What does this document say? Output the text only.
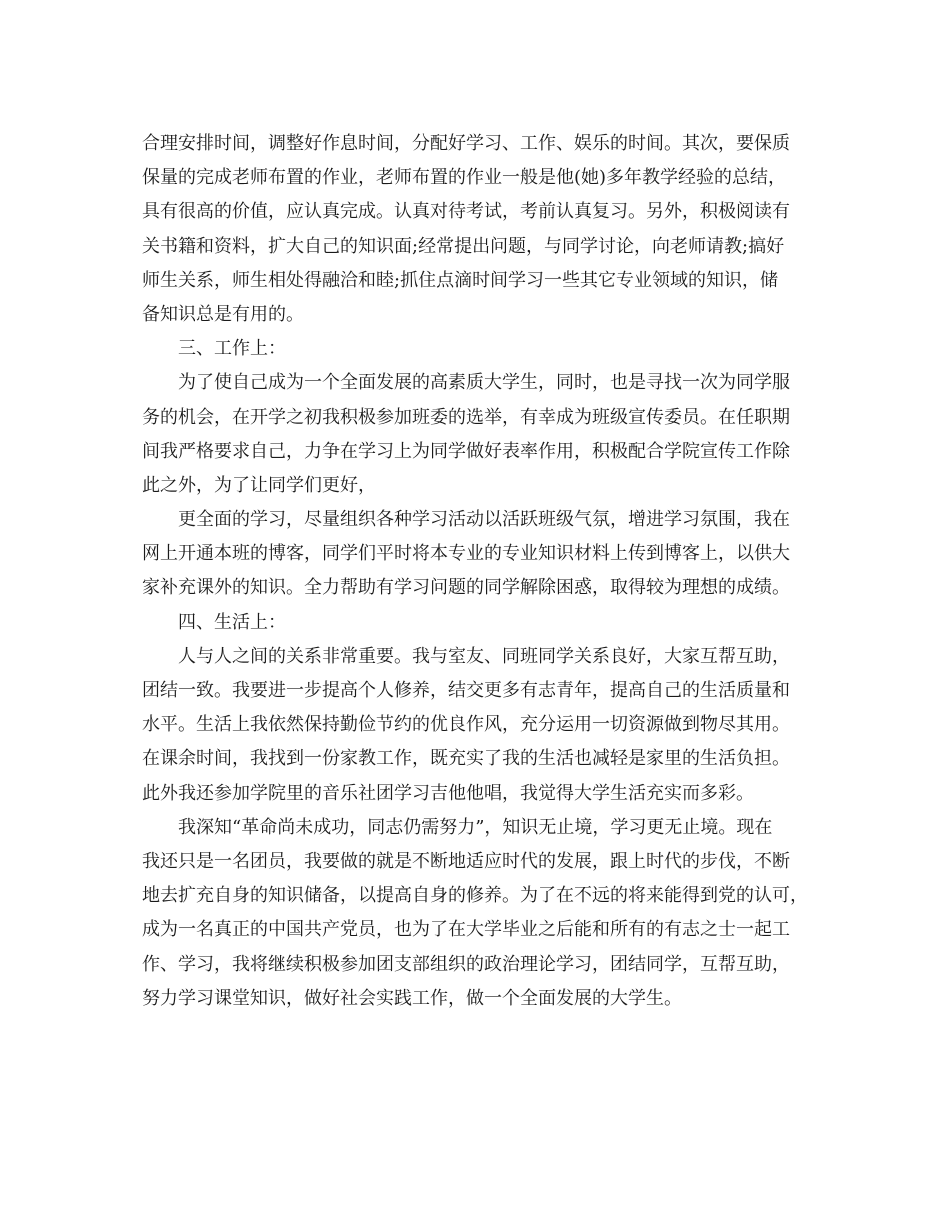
合理安排时间，调整好作息时间，分配好学习、工作、娱乐的时间。其次，要保质
保量的完成老师布置的作业，老师布置的作业一般是他(她)多年教学经验的总结，
具有很高的价值，应认真完成。认真对待考试，考前认真复习。另外，积极阅读有
关书籍和资料，扩大自己的知识面;经常提出问题，与同学讨论，向老师请教;搞好
师生关系，师生相处得融洽和睦;抓住点滴时间学习一些其它专业领域的知识，储
备知识总是有用的。
三、工作上：
为了使自己成为一个全面发展的高素质大学生，同时，也是寻找一次为同学服
务的机会，在开学之初我积极参加班委的选举，有幸成为班级宣传委员。在任职期
间我严格要求自己，力争在学习上为同学做好表率作用，积极配合学院宣传工作除
此之外，为了让同学们更好，
更全面的学习，尽量组织各种学习活动以活跃班级气氛，增进学习氛围，我在
网上开通本班的博客，同学们平时将本专业的专业知识材料上传到博客上，以供大
家补充课外的知识。全力帮助有学习问题的同学解除困惑，取得较为理想的成绩。
四、生活上：
人与人之间的关系非常重要。我与室友、同班同学关系良好，大家互帮互助，
团结一致。我要进一步提高个人修养，结交更多有志青年，提高自己的生活质量和
水平。生活上我依然保持勤俭节约的优良作风，充分运用一切资源做到物尽其用。
在课余时间，我找到一份家教工作，既充实了我的生活也减轻是家里的生活负担。
此外我还参加学院里的音乐社团学习吉他他唱，我觉得大学生活充实而多彩。
我深知“革命尚未成功，同志仍需努力”，知识无止境，学习更无止境。现在
我还只是一名团员，我要做的就是不断地适应时代的发展，跟上时代的步伐，不断
地去扩充自身的知识储备，以提高自身的修养。为了在不远的将来能得到党的认可，
成为一名真正的中国共产党员，也为了在大学毕业之后能和所有的有志之士一起工
作、学习，我将继续积极参加团支部组织的政治理论学习，团结同学，互帮互助，
努力学习课堂知识，做好社会实践工作，做一个全面发展的大学生。
